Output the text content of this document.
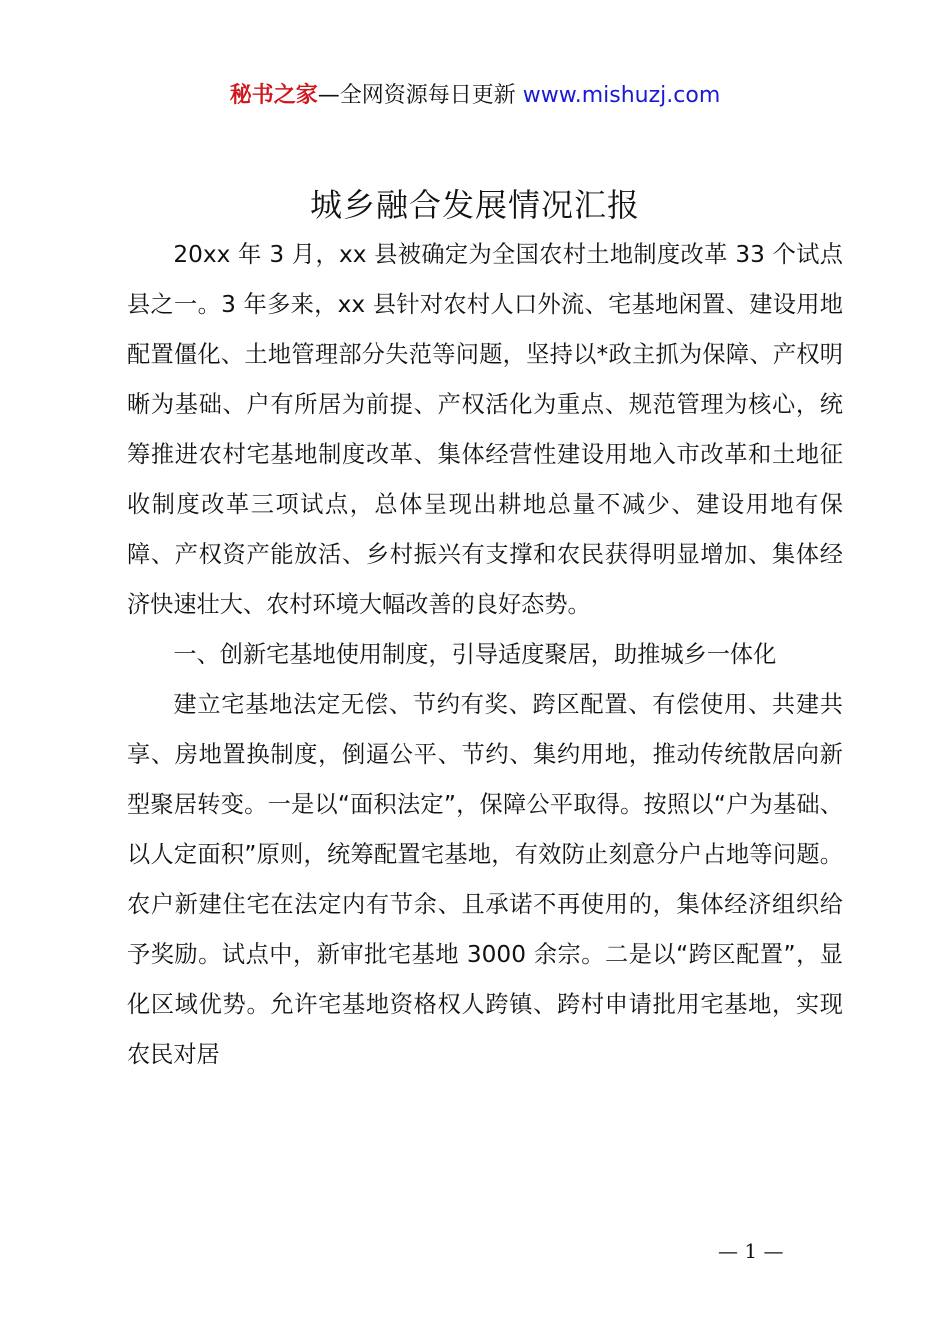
秘书之家—全网资源每日更新 www.mishuzj.com
城乡融合发展情况汇报

20xx 年 3 月，xx 县被确定为全国农村土地制度改革 33 个试点县之一。3 年多来，xx 县针对农村人口外流、宅基地闲置、建设用地配置僵化、土地管理部分失范等问题，坚持以*政主抓为保障、产权明晰为基础、户有所居为前提、产权活化为重点、规范管理为核心，统筹推进农村宅基地制度改革、集体经营性建设用地入市改革和土地征收制度改革三项试点，总体呈现出耕地总量不减少、建设用地有保障、产权资产能放活、乡村振兴有支撑和农民获得明显增加、集体经济快速壮大、农村环境大幅改善的良好态势。

一、创新宅基地使用制度，引导适度聚居，助推城乡一体化

建立宅基地法定无偿、节约有奖、跨区配置、有偿使用、共建共享、房地置换制度，倒逼公平、节约、集约用地，推动传统散居向新型聚居转变。一是以“面积法定”，保障公平取得。按照以“户为基础、以人定面积”原则，统筹配置宅基地，有效防止刻意分户占地等问题。农户新建住宅在法定内有节余、且承诺不再使用的，集体经济组织给予奖励。试点中，新审批宅基地 3000 余宗。二是以“跨区配置”，显化区域优势。允许宅基地资格权人跨镇、跨村申请批用宅基地，实现农民对居

— 1 —
